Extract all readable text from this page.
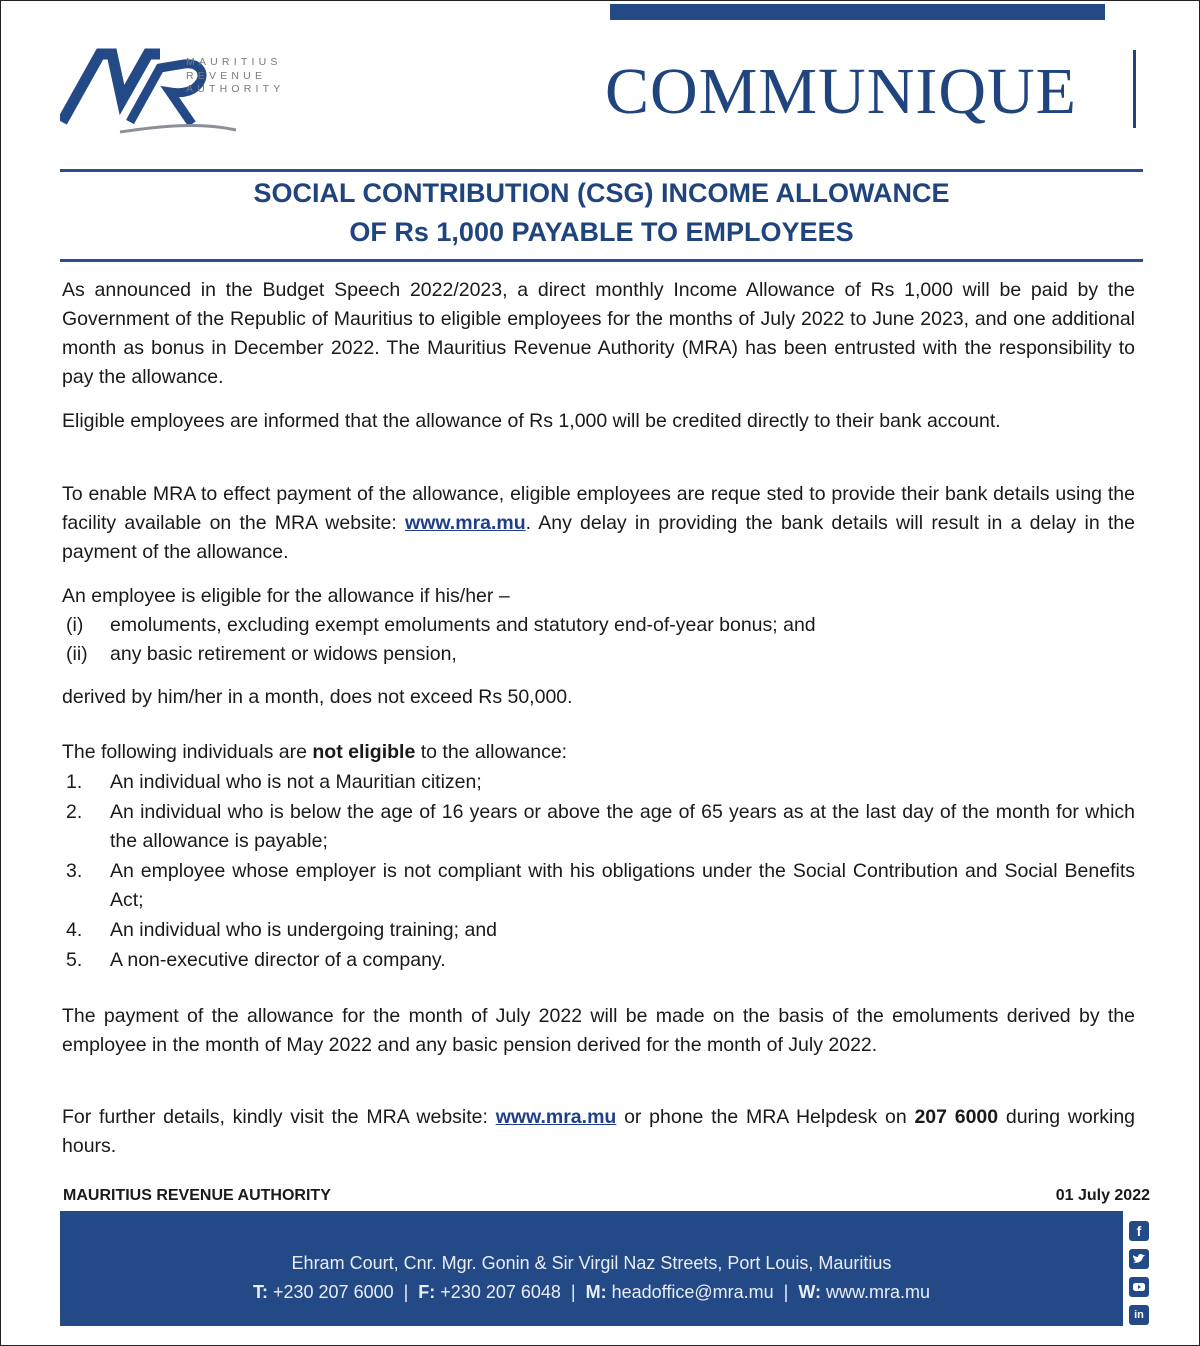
MAURITIUS
REVENUE
AUTHORITY	COMMUNIQUE
SOCIAL CONTRIBUTION (CSG) INCOME ALLOWANCE
OF Rs 1,000 PAYABLE TO EMPLOYEES

As announced in the Budget Speech 2022/2023, a direct monthly Income Allowance of Rs 1,000 will be paid by the Government of the Republic of Mauritius to eligible employees for the months of July 2022 to June 2023, and one additional month as bonus in December 2022. The Mauritius Revenue Authority (MRA) has been entrusted with the responsibility to pay the allowance.

Eligible employees are informed that the allowance of Rs 1,000 will be credited directly to their bank account.

To enable MRA to effect payment of the allowance, eligible employees are reque sted to provide their bank details using the facility available on the MRA website: www.mra.mu. Any delay in providing the bank details will result in a delay in the payment of the allowance.

An employee is eligible for the allowance if his/her –

(i)	emoluments, excluding exempt emoluments and statutory end-of-year bonus; and
(ii)	any basic retirement or widows pension,

derived by him/her in a month, does not exceed Rs 50,000.

The following individuals are not eligible to the allowance:

1.	An individual who is not a Mauritian citizen;
2.	An individual who is below the age of 16 years or above the age of 65 years as at the last day of the month for which the allowance is payable;
3.	An employee whose employer is not compliant with his obligations under the Social Contribution and Social Benefits Act;
4.	An individual who is undergoing training; and
5.	A non-executive director of a company.

The payment of the allowance for the month of July 2022 will be made on the basis of the emoluments derived by the employee in the month of May 2022 and any basic pension derived for the month of July 2022.

For further details, kindly visit the MRA website: www.mra.mu or phone the MRA Helpdesk on 207 6000 during working hours.

MAURITIUS REVENUE AUTHORITY	01 July 2022
Ehram Court, Cnr. Mgr. Gonin & Sir Virgil Naz Streets, Port Louis, Mauritius
T: +230 207 6000  |  F: +230 207 6048  |  M: headoffice@mra.mu  |  W: www.mra.mu
f
in
